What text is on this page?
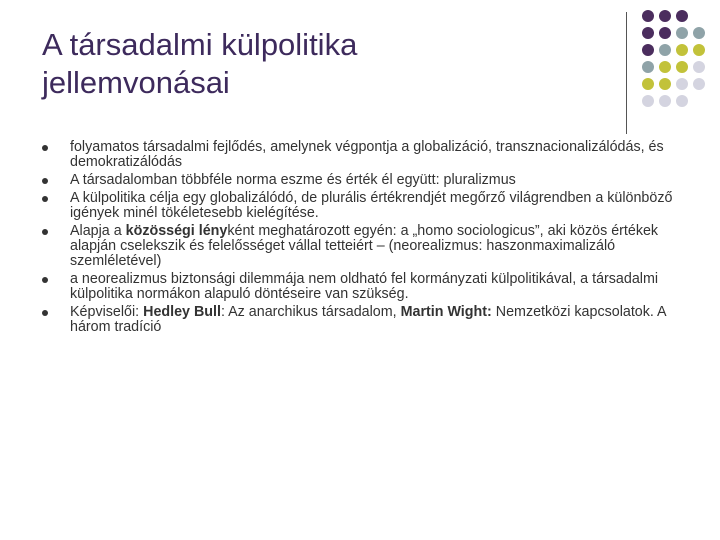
A társadalmi külpolitika
jellemvonásai
folyamatos társadalmi fejlődés, amelynek végpontja a globalizáció, transznacionalizálódás, és demokratizálódás
A társadalomban többféle norma eszme és érték él együtt: pluralizmus
A külpolitika célja egy globalizálódó, de plurális értékrendjét megőrző világrendben a különböző igények minél tökéletesebb kielégítése.
Alapja a közösségi lényként meghatározott egyén: a „homo sociologicus”, aki közös értékek alapján cselekszik és felelősséget vállal tetteiért – (neorealizmus: haszonmaximalizáló szemléletével)
a neorealizmus biztonsági dilemmája nem oldható fel kormányzati külpolitikával, a társadalmi külpolitika normákon alapuló döntéseire van szükség.
Képviselői: Hedley Bull: Az anarchikus társadalom, Martin Wight: Nemzetközi kapcsolatok. A három tradíció
